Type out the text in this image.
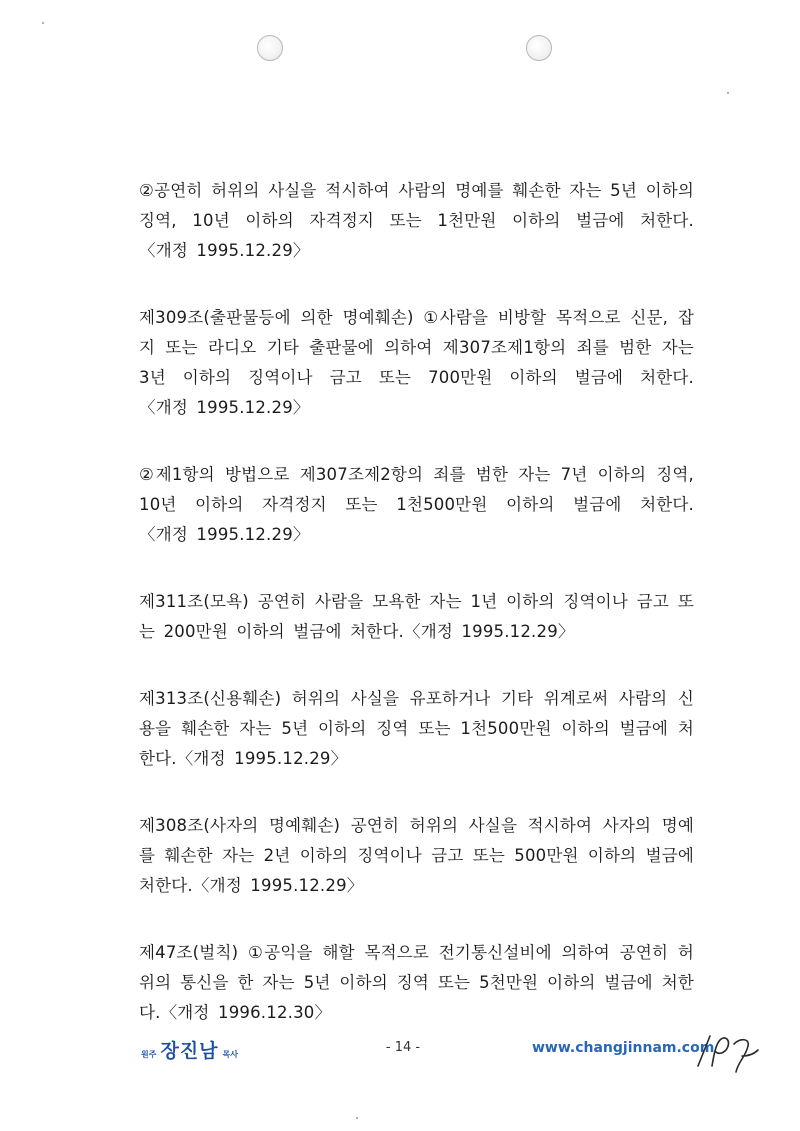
②공연히 허위의 사실을 적시하여 사람의 명예를 훼손한 자는 5년 이하의 징역, 10년 이하의 자격정지 또는 1천만원 이하의 벌금에 처한다.〈개정 1995.12.29〉

제309조(출판물등에 의한 명예훼손) ①사람을 비방할 목적으로 신문, 잡지 또는 라디오 기타 출판물에 의하여 제307조제1항의 죄를 범한 자는 3년 이하의 징역이나 금고 또는 700만원 이하의 벌금에 처한다.〈개정 1995.12.29〉

②제1항의 방법으로 제307조제2항의 죄를 범한 자는 7년 이하의 징역, 10년 이하의 자격정지 또는 1천500만원 이하의 벌금에 처한다.〈개정 1995.12.29〉

제311조(모욕) 공연히 사람을 모욕한 자는 1년 이하의 징역이나 금고 또는 200만원 이하의 벌금에 처한다.〈개정 1995.12.29〉

제313조(신용훼손) 허위의 사실을 유포하거나 기타 위계로써 사람의 신용을 훼손한 자는 5년 이하의 징역 또는 1천500만원 이하의 벌금에 처한다.〈개정 1995.12.29〉

제308조(사자의 명예훼손) 공연히 허위의 사실을 적시하여 사자의 명예를 훼손한 자는 2년 이하의 징역이나 금고 또는 500만원 이하의 벌금에 처한다.〈개정 1995.12.29〉

제47조(벌칙) ①공익을 해할 목적으로 전기통신설비에 의하여 공연히 허위의 통신을 한 자는 5년 이하의 징역 또는 5천만원 이하의 벌금에 처한다.〈개정 1996.12.30〉

원주 장진남 목사	- 14 -	www.changjinnam.com
